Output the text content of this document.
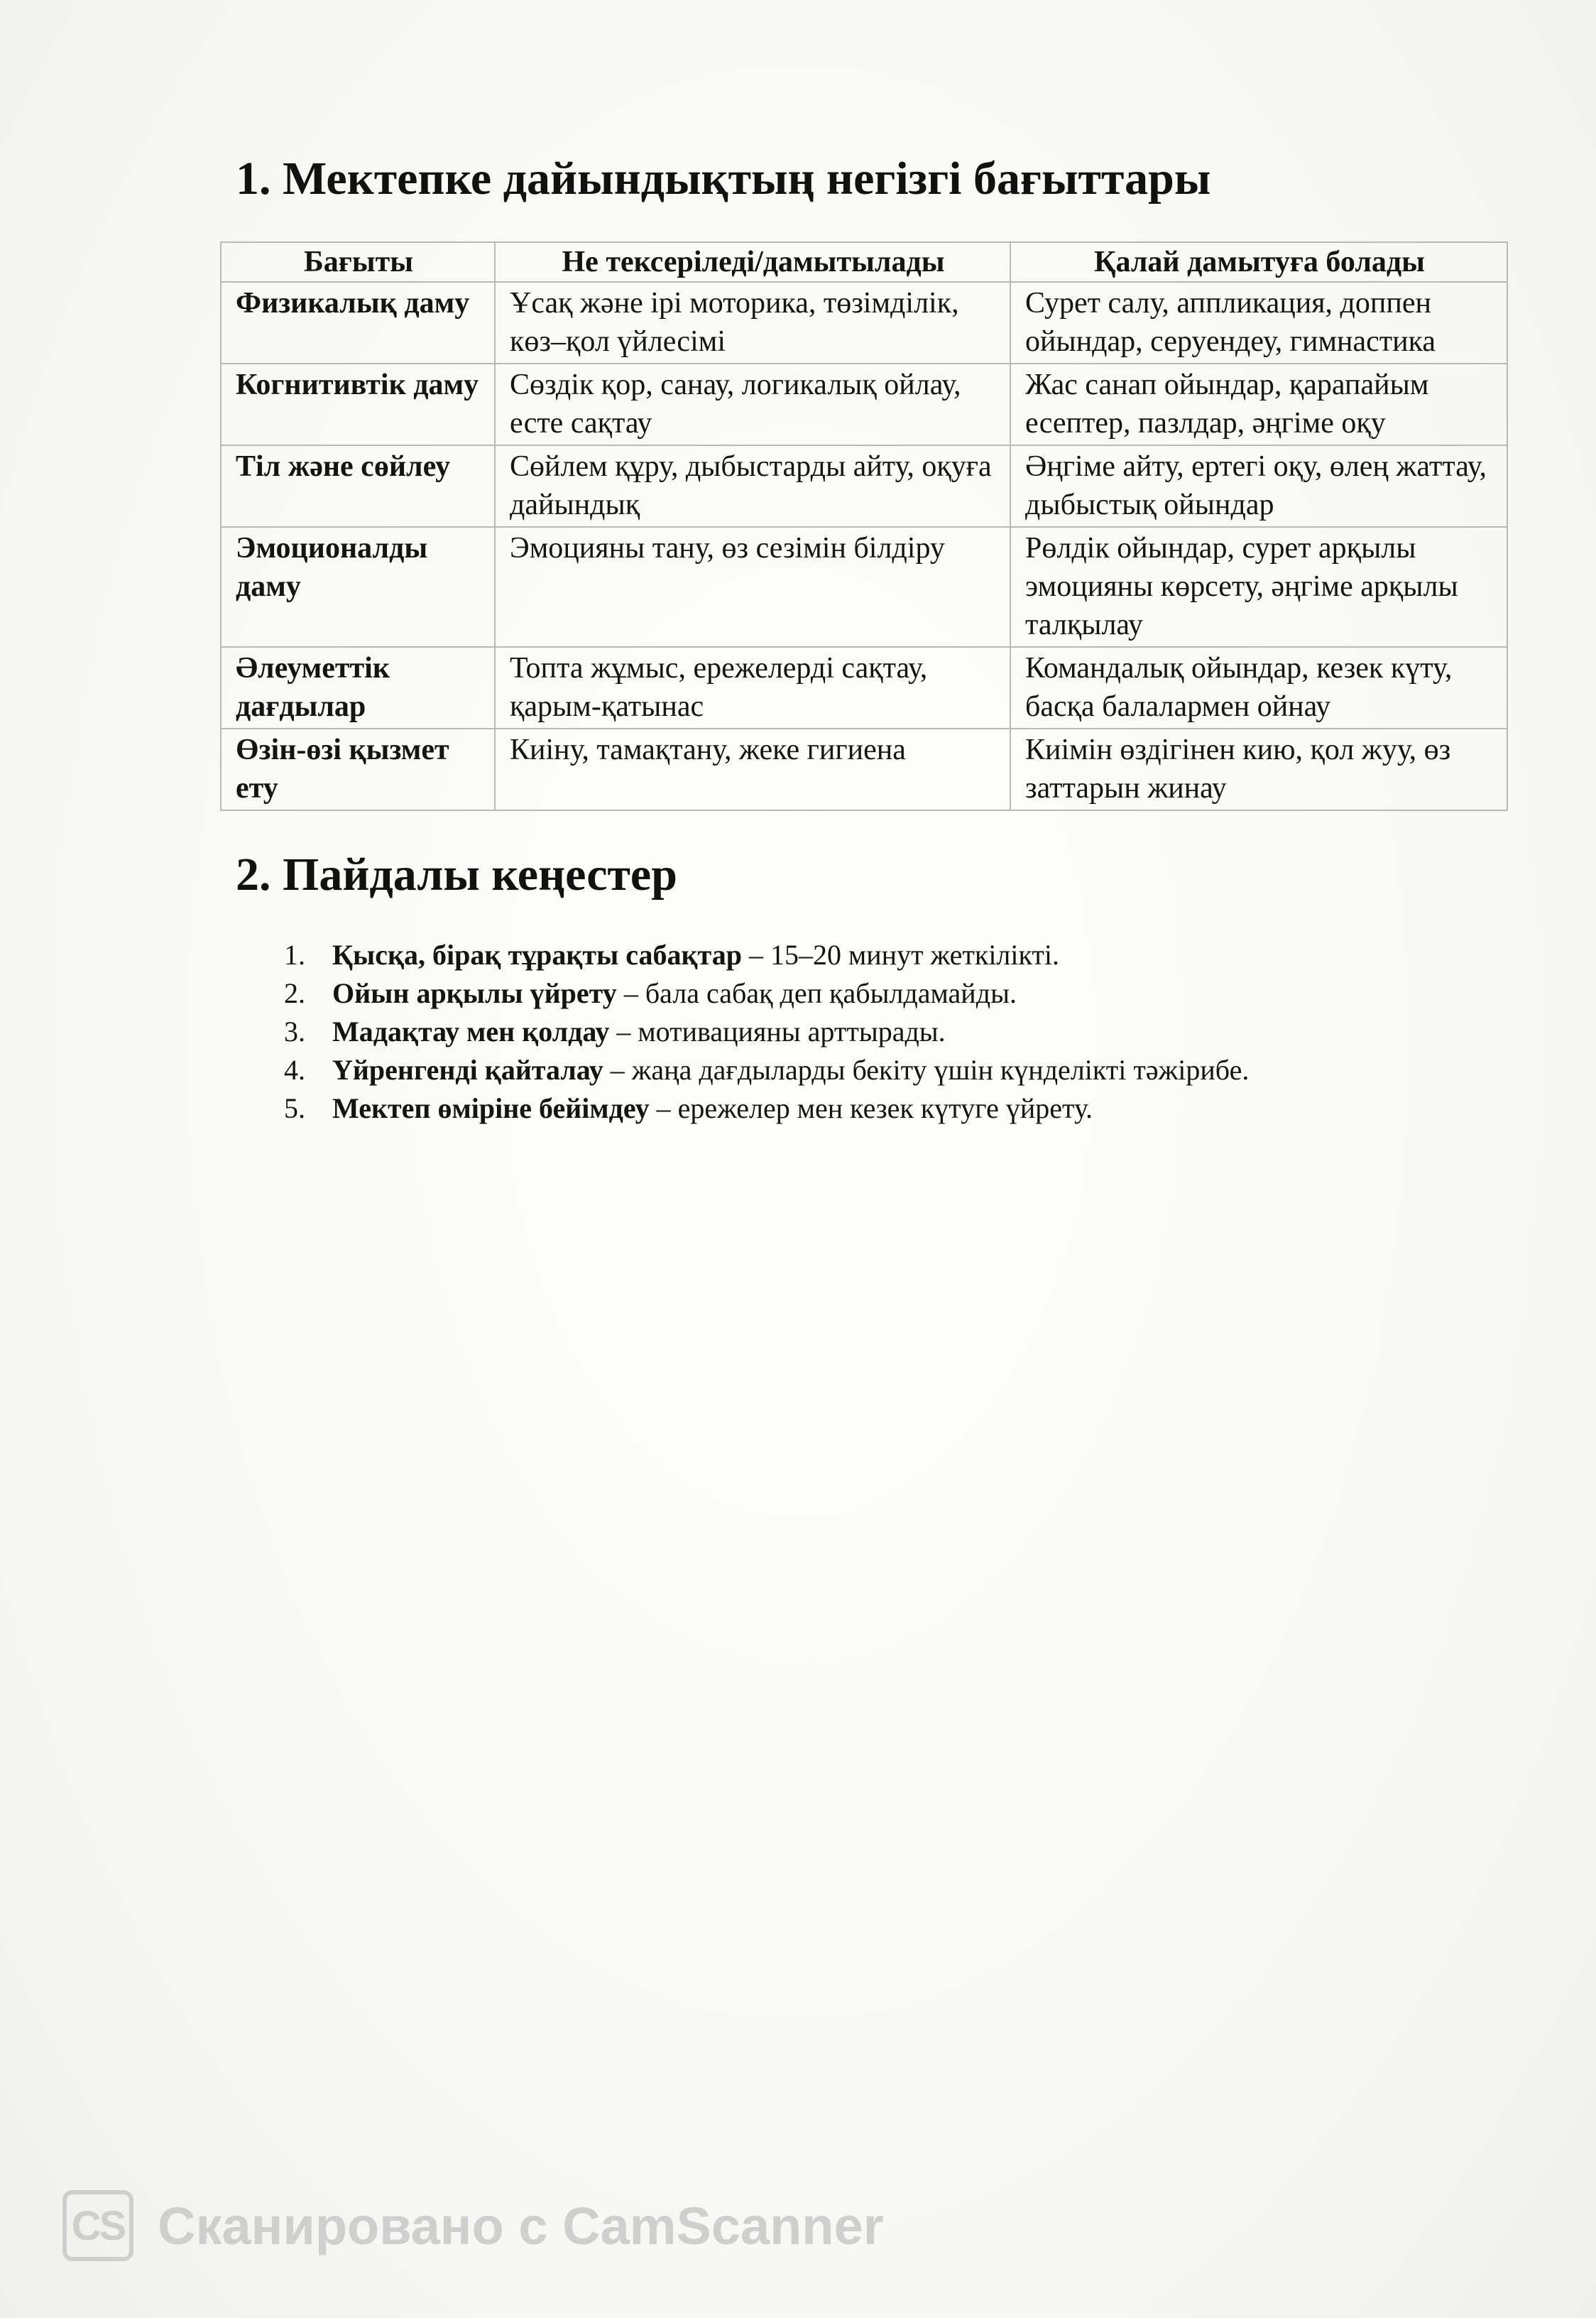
1. Мектепке дайындықтың негізгі бағыттары
Бағыты	Не тексеріледі/дамытылады	Қалай дамытуға болады
Физикалық даму	Ұсақ және ірі моторика, төзімділік, көз–қол үйлесімі	Сурет салу, аппликация, доппен ойындар, серуендеу, гимнастика
Когнитивтік даму	Сөздік қор, санау, логикалық ойлау, есте сақтау	Жас санап ойындар, қарапайым есептер, пазлдар, әңгіме оқу
Тіл және сөйлеу	Сөйлем құру, дыбыстарды айту, оқуға дайындық	Әңгіме айту, ертегі оқу, өлең жаттау, дыбыстық ойындар
Эмоционалды даму	Эмоцияны тану, өз сезімін білдіру	Рөлдік ойындар, сурет арқылы эмоцияны көрсету, әңгіме арқылы талқылау
Әлеуметтік дағдылар	Топта жұмыс, ережелерді сақтау, қарым-қатынас	Командалық ойындар, кезек күту, басқа балалармен ойнау
Өзін-өзі қызмет ету	Киіну, тамақтану, жеке гигиена	Киімін өздігінен кию, қол жуу, өз заттарын жинау
2. Пайдалы кеңестер
1. Қысқа, бірақ тұрақты сабақтар – 15–20 минут жеткілікті.
2. Ойын арқылы үйрету – бала сабақ деп қабылдамайды.
3. Мадақтау мен қолдау – мотивацияны арттырады.
4. Үйренгенді қайталау – жаңа дағдыларды бекіту үшін күнделікті тәжірибе.
5. Мектеп өміріне бейімдеу – ережелер мен кезек күтуге үйрету.
CS Сканировано с CamScanner
